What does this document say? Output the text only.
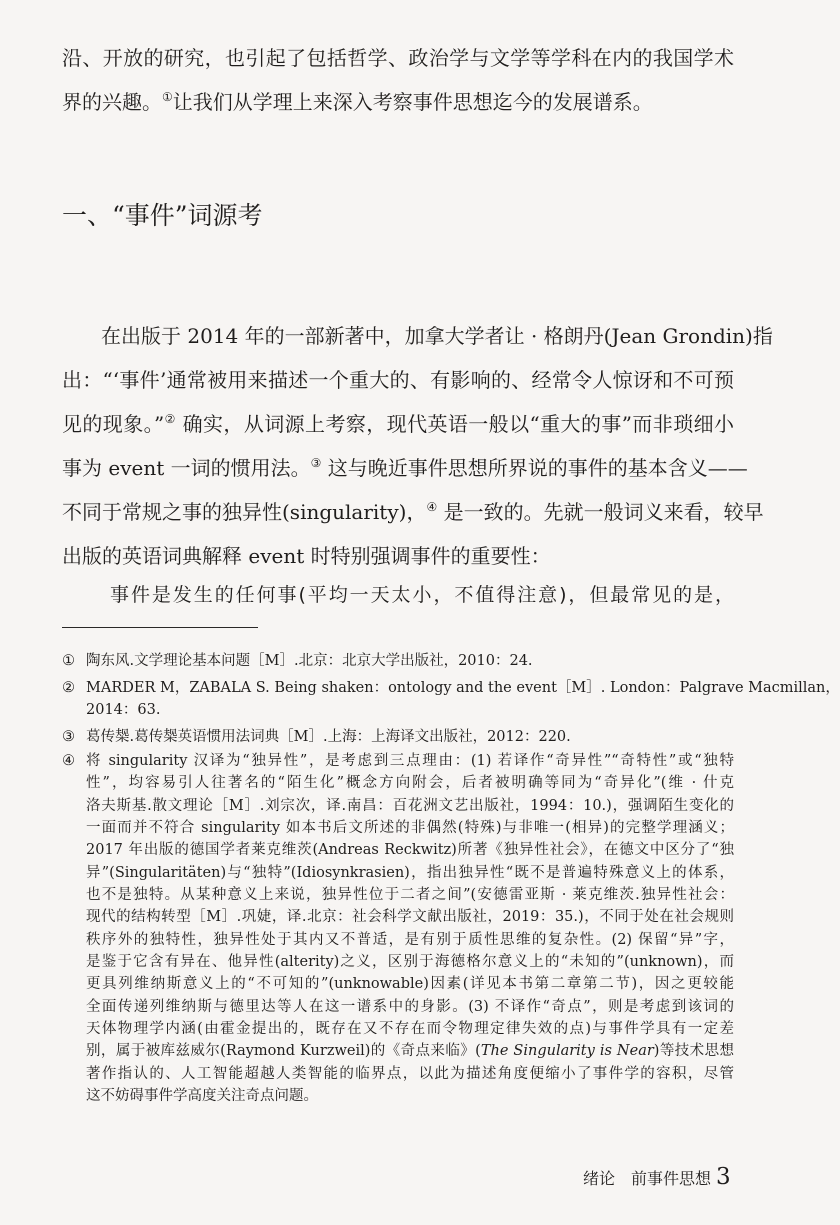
沿、开放的研究，也引起了包括哲学、政治学与文学等学科在内的我国学术
界的兴趣。①让我们从学理上来深入考察事件思想迄今的发展谱系。
一、“事件”词源考
在出版于 2014 年的一部新著中，加拿大学者让 · 格朗丹(Jean Grondin)指
出：“‘事件’通常被用来描述一个重大的、有影响的、经常令人惊讶和不可预
见的现象。”② 确实，从词源上考察，现代英语一般以“重大的事”而非琐细小
事为 event 一词的惯用法。③ 这与晚近事件思想所界说的事件的基本含义——
不同于常规之事的独异性(singularity)，④ 是一致的。先就一般词义来看，较早
出版的英语词典解释 event 时特别强调事件的重要性：
事件是发生的任何事(平均一天太小，不值得注意)，但最常见的是，
① 陶东风.文学理论基本问题［M］.北京：北京大学出版社，2010：24.
② MARDER M，ZABALA S. Being shaken：ontology and the event［M］. London：Palgrave Macmillan，
2014：63.
③ 葛传椝.葛传椝英语惯用法词典［M］.上海：上海译文出版社，2012：220.
④ 将 singularity 汉译为“独异性”，是考虑到三点理由：(1) 若译作“奇异性”“奇特性”或“独特
性”，均容易引人往著名的“陌生化”概念方向附会，后者被明确等同为“奇异化”(维 · 什克
洛夫斯基.散文理论［M］.刘宗次，译.南昌：百花洲文艺出版社，1994：10.)，强调陌生变化的
一面而并不符合 singularity 如本书后文所述的非偶然(特殊)与非唯一(相异)的完整学理涵义；
2017 年出版的德国学者莱克维茨(Andreas Reckwitz)所著《独异性社会》，在德文中区分了“独
异”(Singularitäten)与“独特”(Idiosynkrasien)，指出独异性“既不是普遍特殊意义上的体系，
也不是独特。从某种意义上来说，独异性位于二者之间”(安德雷亚斯 · 莱克维茨.独异性社会：
现代的结构转型［M］.巩婕，译.北京：社会科学文献出版社，2019：35.)，不同于处在社会规则
秩序外的独特性，独异性处于其内又不普适，是有别于质性思维的复杂性。(2) 保留“异”字，
是鉴于它含有异在、他异性(alterity)之义，区别于海德格尔意义上的“未知的”(unknown)，而
更具列维纳斯意义上的“不可知的”(unknowable)因素(详见本书第二章第二节)，因之更较能
全面传递列维纳斯与德里达等人在这一谱系中的身影。(3) 不译作“奇点”，则是考虑到该词的
天体物理学内涵(由霍金提出的，既存在又不存在而令物理定律失效的点)与事件学具有一定差
别，属于被库兹威尔(Raymond Kurzweil)的《奇点来临》(The Singularity is Near)等技术思想
著作指认的、人工智能超越人类智能的临界点，以此为描述角度便缩小了事件学的容积，尽管
这不妨碍事件学高度关注奇点问题。
绪论　前事件思想 3
